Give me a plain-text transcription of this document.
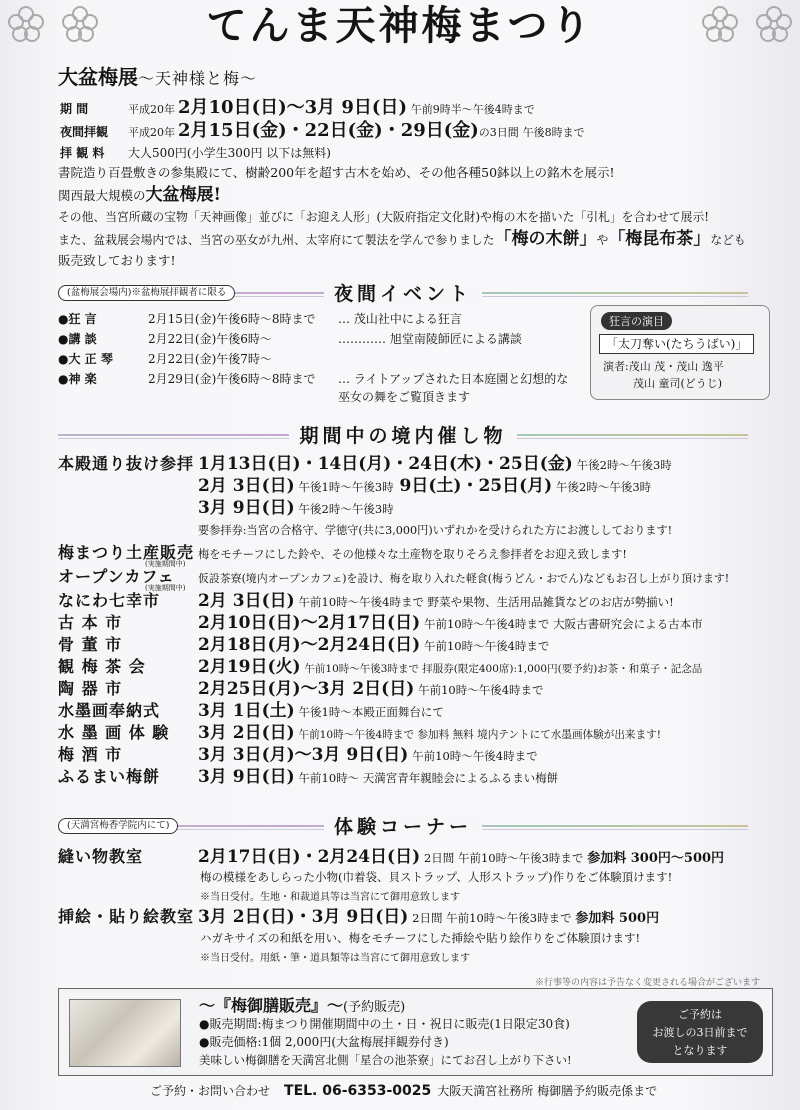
てんま天神梅まつり
大盆梅展〜天神様と梅〜
期 間	平成20年 2月10日(日)〜3月 9日(日) 午前9時半〜午後4時まで
夜間拝観 平成20年 2月15日(金)・22日(金)・29日(金)の3日間 午後8時まで
拝 観 料 大人500円(小学生300円 以下は無料)
書院造り百畳敷きの参集殿にて、樹齢200年を超す古木を始め、その他各種50鉢以上の銘木を展示!
関西最大規模の大盆梅展!
その他、当宮所蔵の宝物「天神画像」並びに「お迎え人形」(大阪府指定文化財)や梅の木を描いた「引札」を合わせて展示!
また、盆栽展会場内では、当宮の巫女が九州、太宰府にて製法を学んで参りました「梅の木餅」や「梅昆布茶」なども
販売致しております!
夜間イベント
(盆梅展会場内)※盆梅展拝観者に限る
●狂 言	2月15日(金)午後6時〜8時まで … 茂山社中による狂言
●講 談	2月22日(金)午後6時〜	………… 旭堂南陵師匠による講談
●大 正 琴	2月22日(金)午後7時〜
●神 楽	2月29日(金)午後6時〜8時まで … ライトアップされた日本庭園と幻想的な
巫女の舞をご覧頂きます
狂言の演目
「太刀奪い(たちうばい)」
演者:茂山 茂・茂山 逸平
茂山 童司(どうじ)
期間中の境内催し物
本殿通り抜け参拝 1月13日(日)・14日(月)・24日(木)・25日(金) 午後2時〜午後3時
2月 3日(日) 午後1時〜午後3時 9日(土)・25日(月) 午後2時〜午後3時
3月 9日(日) 午後2時〜午後3時
要参拝券:当宮の合格守、学徳守(共に3,000円)いずれかを受けられた方にお渡ししております!
梅まつり土産販売 梅をモチーフにした鈴や、その他様々な土産物を取りそろえ参拝者をお迎え致します!
(実施期間中)
オープンカフェ 仮設茶寮(境内オープンカフェ)を設け、梅を取り入れた軽食(梅うどん・おでん)などもお召し上がり頂けます!
(実施期間中)
なにわ七幸市 2月 3日(日) 午前10時〜午後4時まで 野菜や果物、生活用品雑貨などのお店が勢揃い!
古 本 市	2月10日(日)〜2月17日(日) 午前10時〜午後4時まで 大阪古書研究会による古本市
骨 董 市	2月18日(月)〜2月24日(日) 午前10時〜午後4時まで
観 梅 茶 会	2月19日(火) 午前10時〜午後3時まで 拝服券(限定400席):1,000円(要予約)お茶・和菓子・記念品
陶 器 市	2月25日(月)〜3月 2日(日) 午前10時〜午後4時まで
水墨画奉納式 3月 1日(土) 午後1時〜本殿正面舞台にて
水 墨 画 体 験 3月 2日(日) 午前10時〜午後4時まで 参加料 無料 境内テントにて水墨画体験が出来ます!
梅 酒 市	3月 3日(月)〜3月 9日(日) 午前10時〜午後4時まで
ふるまい梅餅 3月 9日(日) 午前10時〜 天満宮青年親睦会によるふるまい梅餅
体験コーナー
(天満宮梅香学院内にて)
縫い物教室	2月17日(日)・2月24日(日) 2日間 午前10時〜午後3時まで 参加料 300円〜500円
梅の模様をあしらった小物(巾着袋、貝ストラップ、人形ストラップ)作りをご体験頂けます!
※当日受付。生地・和裁道具等は当宮にて御用意致します
挿絵・貼り絵教室 3月 2日(日)・3月 9日(日) 2日間 午前10時〜午後3時まで 参加料 500円
ハガキサイズの和紙を用い、梅をモチーフにした挿絵や貼り絵作りをご体験頂けます!
※当日受付。用紙・筆・道具類等は当宮にて御用意致します
※行事等の内容は予告なく変更される場合がございます
〜『梅御膳販売』〜(予約販売)
●販売期間:梅まつり開催期間中の土・日・祝日に販売(1日限定30食)
●販売価格:1個 2,000円(大盆梅展拝観券付き)
美味しい梅御膳を天満宮北側「星合の池茶寮」にてお召し上がり下さい!
ご予約は
お渡しの3日前まで
となります
ご予約・お問い合わせ TEL. 06-6353-0025 大阪天満宮社務所 梅御膳予約販売係まで
